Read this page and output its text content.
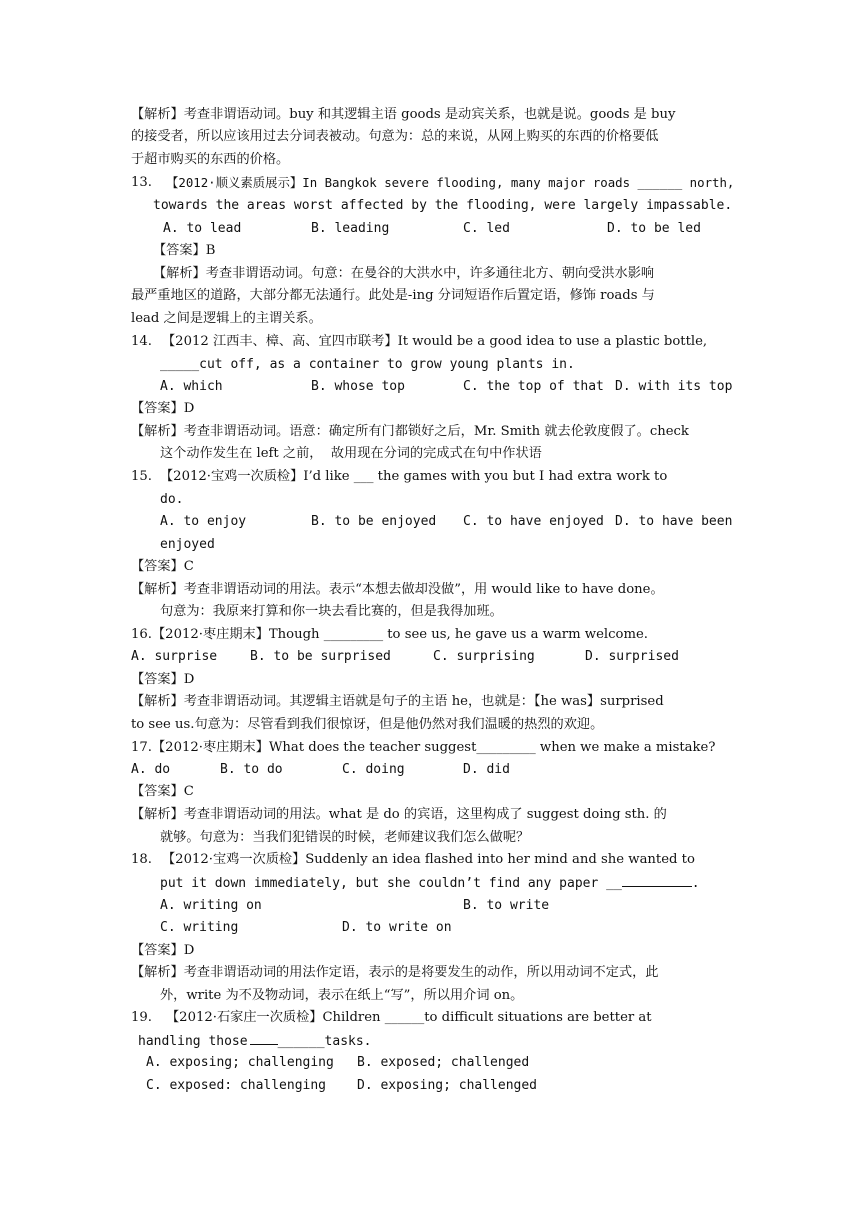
【解析】考查非谓语动词。buy 和其逻辑主语 goods 是动宾关系，也就是说。goods 是 buy
的接受者，所以应该用过去分词表被动。句意为：总的来说，从网上购买的东西的价格要低
于超市购买的东西的价格。
13. 【2012·顺义素质展示】In Bangkok severe flooding, many major roads ______ north,
towards the areas worst affected by the flooding, were largely impassable.
A. to lead	B. leading	C. led	D. to be led
【答案】B
【解析】考查非谓语动词。句意：在曼谷的大洪水中，许多通往北方、朝向受洪水影响
最严重地区的道路，大部分都无法通行。此处是-ing 分词短语作后置定语，修饰 roads 与
lead 之间是逻辑上的主谓关系。
14. 【2012 江西丰、樟、高、宜四市联考】It would be a good idea to use a plastic bottle,
_____cut off, as a container to grow young plants in.
A. which	B. whose top	C. the top of that D. with its top
【答案】D
【解析】考查非谓语动词。语意：确定所有门都锁好之后，Mr. Smith 就去伦敦度假了。check
这个动作发生在 left 之前，  故用现在分词的完成式在句中作状语
15. 【2012·宝鸡一次质检】I’d like ___ the games with you but I had extra work to
do.
A. to enjoy	B. to be enjoyed C. to have enjoyed D. to have been
enjoyed
【答案】C
【解析】考查非谓语动词的用法。表示“本想去做却没做”，用 would like to have done。
句意为：我原来打算和你一块去看比赛的，但是我得加班。
16. 【2012·枣庄期末】Though _________ to see us, he gave us a warm welcome.
A. surprise	B. to be surprised	C. surprising	D. surprised
【答案】D
【解析】考查非谓语动词。其逻辑主语就是句子的主语 he，也就是：【he was】surprised
to see us.句意为：尽管看到我们很惊讶，但是他仍然对我们温暖的热烈的欢迎。
17. 【2012·枣庄期末】What does the teacher suggest_________ when we make a mistake?
A. do	B. to do	C. doing	D. did
【答案】C
【解析】考查非谓语动词的用法。what 是 do 的宾语，这里构成了 suggest doing sth. 的
就够。句意为：当我们犯错误的时候，老师建议我们怎么做呢？
18. 【2012·宝鸡一次质检】Suddenly an idea flashed into her mind and she wanted to
put it down immediately, but she couldn’t find any paper __	.
A. writing on	B. to write
C. writing	D. to write on
【答案】D
【解析】考查非谓语动词的用法作定语，表示的是将要发生的动作，所以用动词不定式，此
外，write 为不及物动词，表示在纸上“写”，所以用介词 on。
19. 【2012·石家庄一次质检】Children ______to difficult situations are better at
handling those ______tasks.
A. exposing; challenging B. exposed; challenged
C. exposed: challenging D. exposing; challenged
